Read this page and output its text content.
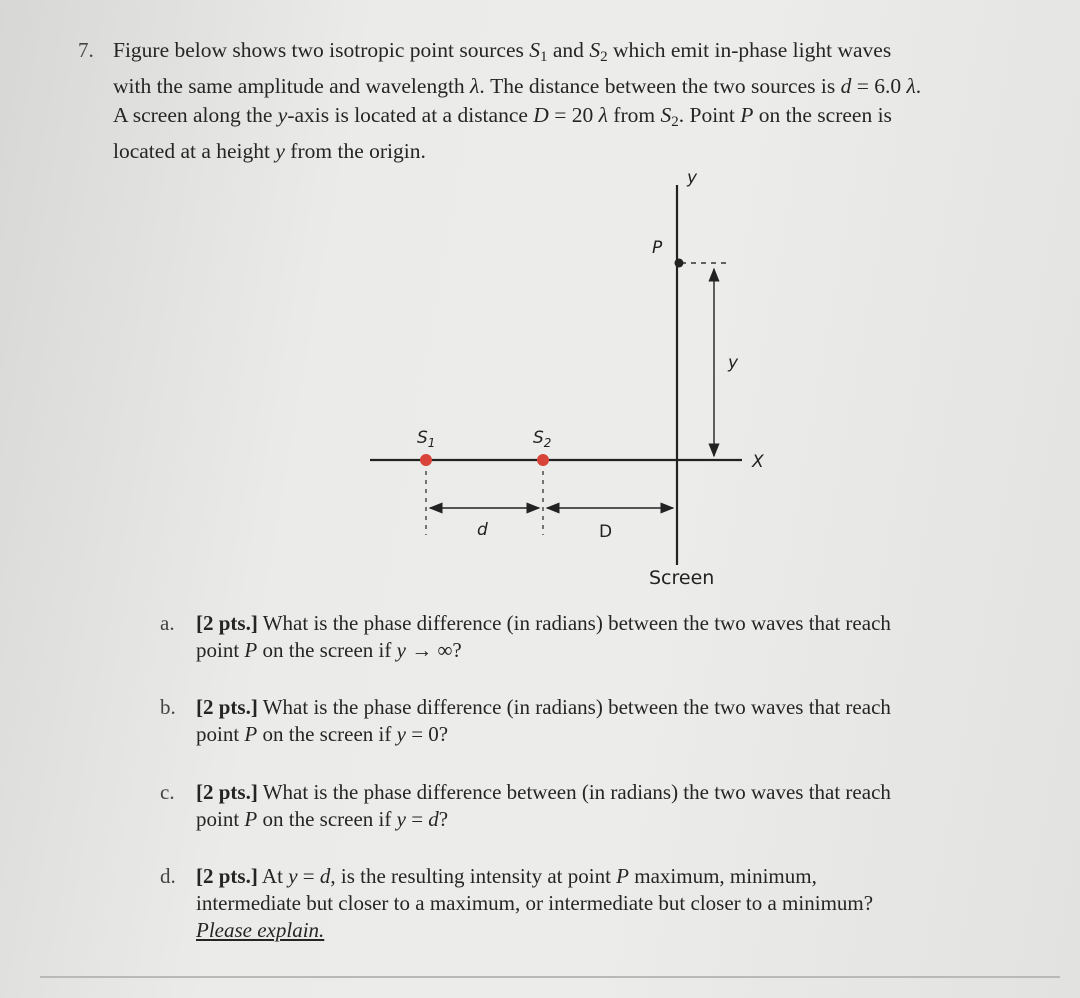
7. Figure below shows two isotropic point sources $S_1$ and $S_2$ which emit in-phase light waves
with the same amplitude and wavelength λ. The distance between the two sources is d = 6.0 λ.
A screen along the y-axis is located at a distance D = 20 λ from $S_2$. Point P on the screen is
located at a height y from the origin.
$S_1$	$S_2$
P
y
y
X
d	D
Screen
a.	[2 pts.] What is the phase difference (in radians) between the two waves that reach
point P on the screen if y → ∞?
b. [2 pts.] What is the phase difference (in radians) between the two waves that reach
point P on the screen if y = 0?
c.	[2 pts.] What is the phase difference between (in radians) the two waves that reach
point P on the screen if y = d?
d. [2 pts.] At y = d, is the resulting intensity at point P maximum, minimum,
intermediate but closer to a maximum, or intermediate but closer to a minimum?
Please explain.
